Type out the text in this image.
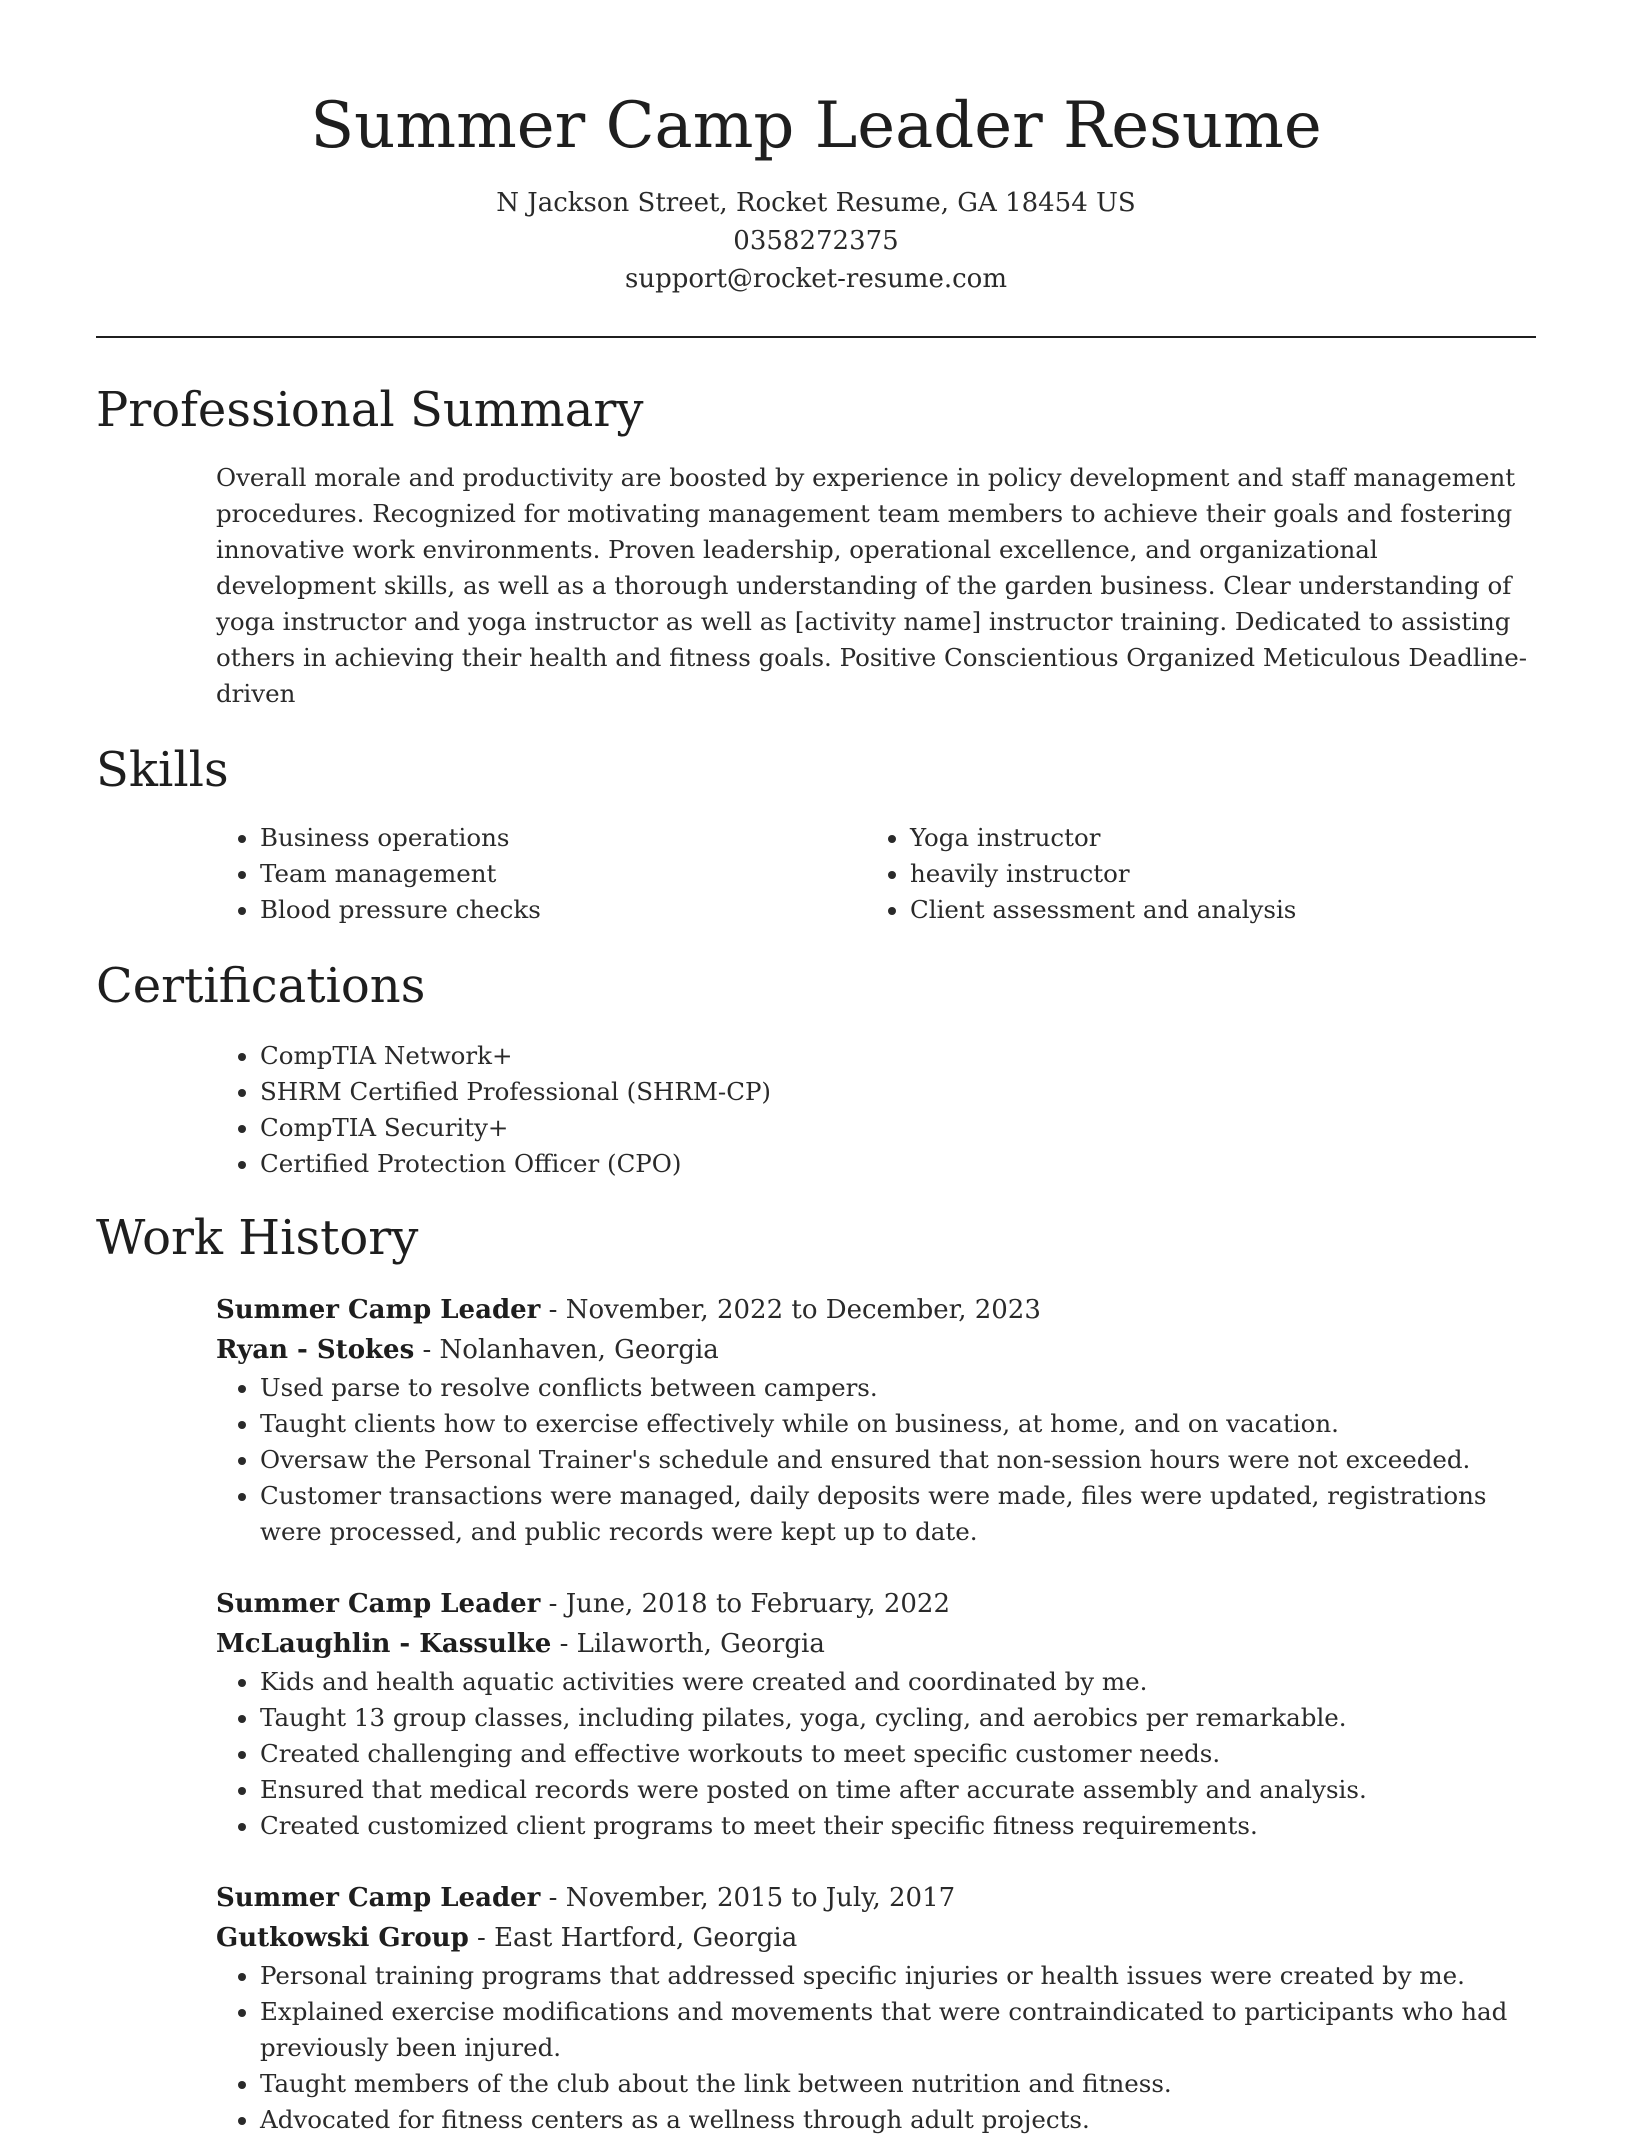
Summer Camp Leader Resume
N Jackson Street, Rocket Resume, GA 18454 US
0358272375
support@rocket-resume.com
Professional Summary
Overall morale and productivity are boosted by experience in policy development and staff management procedures. Recognized for motivating management team members to achieve their goals and fostering innovative work environments. Proven leadership, operational excellence, and organizational development skills, as well as a thorough understanding of the garden business. Clear understanding of yoga instructor and yoga instructor as well as [activity name] instructor training. Dedicated to assisting others in achieving their health and fitness goals. Positive Conscientious Organized Meticulous Deadline-driven
Skills
• Business operations
• Team management
• Blood pressure checks
• Yoga instructor
• heavily instructor
• Client assessment and analysis
Certifications
• CompTIA Network+
• SHRM Certified Professional (SHRM-CP)
• CompTIA Security+
• Certified Protection Officer (CPO)
Work History
Summer Camp Leader - November, 2022 to December, 2023
Ryan - Stokes - Nolanhaven, Georgia
• Used parse to resolve conflicts between campers.
• Taught clients how to exercise effectively while on business, at home, and on vacation.
• Oversaw the Personal Trainer's schedule and ensured that non-session hours were not exceeded.
• Customer transactions were managed, daily deposits were made, files were updated, registrations were processed, and public records were kept up to date.
Summer Camp Leader - June, 2018 to February, 2022
McLaughlin - Kassulke - Lilaworth, Georgia
• Kids and health aquatic activities were created and coordinated by me.
• Taught 13 group classes, including pilates, yoga, cycling, and aerobics per remarkable.
• Created challenging and effective workouts to meet specific customer needs.
• Ensured that medical records were posted on time after accurate assembly and analysis.
• Created customized client programs to meet their specific fitness requirements.
Summer Camp Leader - November, 2015 to July, 2017
Gutkowski Group - East Hartford, Georgia
• Personal training programs that addressed specific injuries or health issues were created by me.
• Explained exercise modifications and movements that were contraindicated to participants who had previously been injured.
• Taught members of the club about the link between nutrition and fitness.
• Advocated for fitness centers as a wellness through adult projects.
